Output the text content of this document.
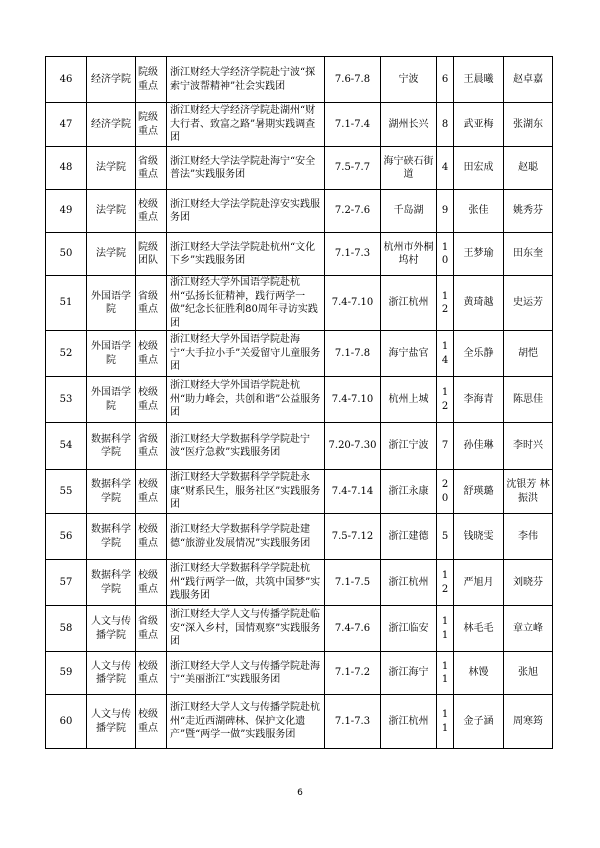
46	经济学院	院级重点	浙江财经大学经济学院赴宁波“探索宁波帮精神”社会实践团	7.6-7.8	宁波	6	王晨曦	赵卓嘉
47	经济学院	院级重点	浙江财经大学经济学院赴湖州“财大行者、致富之路”暑期实践调查团	7.1-7.4	湖州长兴	8	武亚梅	张湖东
48	法学院	省级重点	浙江财经大学法学院赴海宁“安全普法”实践服务团	7.5-7.7	海宁硖石街道	4	田宏成	赵聪
49	法学院	校级重点	浙江财经大学法学院赴淳安实践服务团	7.2-7.6	千岛湖	9	张佳	姚秀芬
50	法学院	院级团队	浙江财经大学法学院赴杭州“文化下乡”实践服务团	7.1-7.3	杭州市外桐坞村	10	王梦瑜	田东奎
51	外国语学院	省级重点	浙江财经大学外国语学院赴杭州“弘扬长征精神，践行两学一做”纪念长征胜利80周年寻访实践团	7.4-7.10	浙江杭州	12	黄琦越	史运芳
52	外国语学院	校级重点	浙江财经大学外国语学院赴海宁“大手拉小手”关爱留守儿童服务团	7.1-7.8	海宁盐官	14	全乐静	胡恺
53	外国语学院	校级重点	浙江财经大学外国语学院赴杭州“助力峰会，共创和谐”公益服务团	7.4-7.10	杭州上城	12	李海青	陈思佳
54	数据科学学院	省级重点	浙江财经大学数据科学学院赴宁波“医疗急救”实践服务团	7.20-7.30	浙江宁波	7	孙佳琳	李时兴
55	数据科学学院	校级重点	浙江财经大学数据科学学院赴永康“财系民生，服务社区”实践服务团	7.4-7.14	浙江永康	20	舒瑛璐	沈银芳 林振洪
56	数据科学学院	校级重点	浙江财经大学数据科学学院赴建德“旅游业发展情况”实践服务团	7.5-7.12	浙江建德	5	钱晓雯	李伟
57	数据科学学院	校级重点	浙江财经大学数据科学学院赴杭州“践行两学一做，共筑中国梦”实践服务团	7.1-7.5	浙江杭州	12	严旭月	刘晓芬
58	人文与传播学院	省级重点	浙江财经大学人文与传播学院赴临安“深入乡村，国情观察”实践服务团	7.4-7.6	浙江临安	11	林毛毛	章立峰
59	人文与传播学院	校级重点	浙江财经大学人文与传播学院赴海宁“美丽浙江”实践服务团	7.1-7.2	浙江海宁	11	林馒	张旭
60	人文与传播学院	校级重点	浙江财经大学人文与传播学院赴杭州“走近西湖碑林、保护文化遗产”暨“两学一做”实践服务团	7.1-7.3	浙江杭州	11	金子涵	周寒筠
6
